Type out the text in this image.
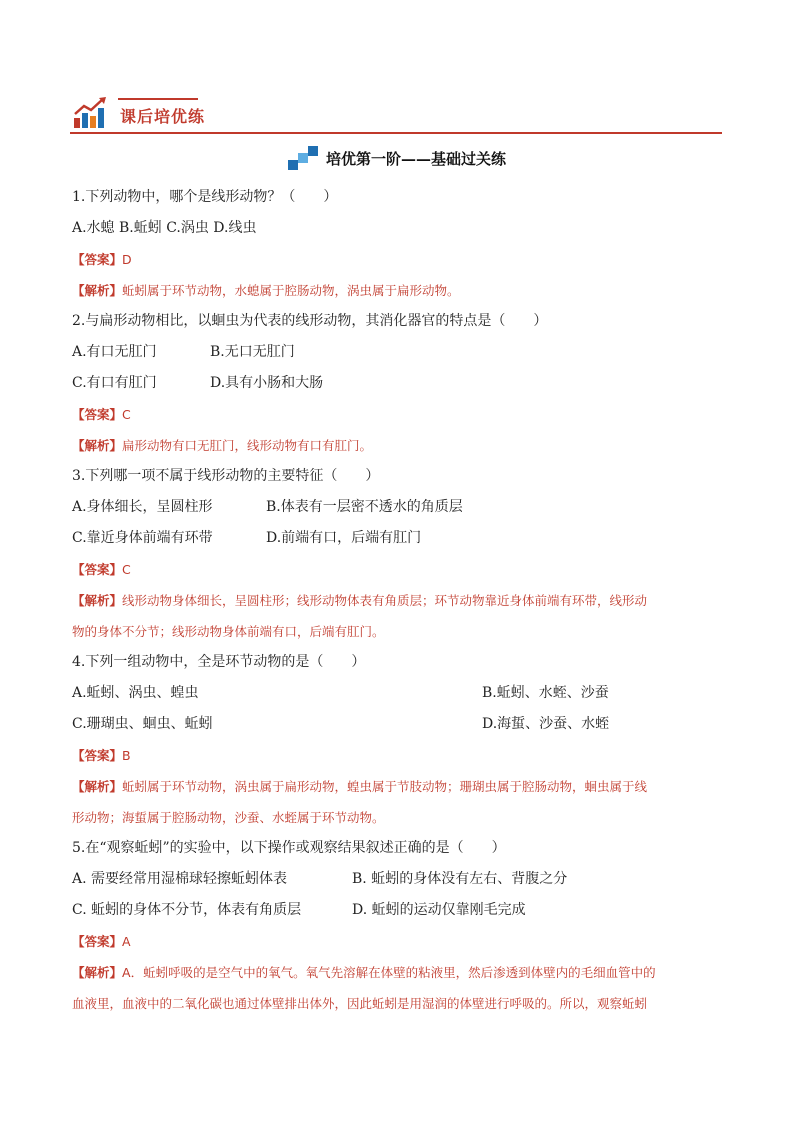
课后培优练
培优第一阶——基础过关练
1.下列动物中，哪个是线形动物？（　　）
A.水螅 B.蚯蚓 C.涡虫 D.线虫
【答案】D
【解析】蚯蚓属于环节动物，水螅属于腔肠动物，涡虫属于扁形动物。
2.与扁形动物相比，以蛔虫为代表的线形动物，其消化器官的特点是（　　）
A.有口无肛门	B.无口无肛门
C.有口有肛门	D.具有小肠和大肠
【答案】C
【解析】扁形动物有口无肛门，线形动物有口有肛门。
3.下列哪一项不属于线形动物的主要特征（　　）
A.身体细长，呈圆柱形	B.体表有一层密不透水的角质层
C.靠近身体前端有环带	D.前端有口，后端有肛门
【答案】C
【解析】线形动物身体细长，呈圆柱形；线形动物体表有角质层；环节动物靠近身体前端有环带，线形动
物的身体不分节；线形动物身体前端有口，后端有肛门。
4.下列一组动物中，全是环节动物的是（　　）
A.蚯蚓、涡虫、蝗虫	B.蚯蚓、水蛭、沙蚕
C.珊瑚虫、蛔虫、蚯蚓	D.海蜇、沙蚕、水蛭
【答案】B
【解析】蚯蚓属于环节动物，涡虫属于扁形动物，蝗虫属于节肢动物；珊瑚虫属于腔肠动物，蛔虫属于线
形动物；海蜇属于腔肠动物，沙蚕、水蛭属于环节动物。
5.在“观察蚯蚓”的实验中，以下操作或观察结果叙述正确的是（　　）
A. 需要经常用湿棉球轻擦蚯蚓体表	B. 蚯蚓的身体没有左右、背腹之分
C. 蚯蚓的身体不分节，体表有角质层	D. 蚯蚓的运动仅靠刚毛完成
【答案】A
【解析】A．蚯蚓呼吸的是空气中的氧气。氧气先溶解在体壁的粘液里，然后渗透到体壁内的毛细血管中的
血液里，血液中的二氧化碳也通过体壁排出体外，因此蚯蚓是用湿润的体壁进行呼吸的。所以，观察蚯蚓
